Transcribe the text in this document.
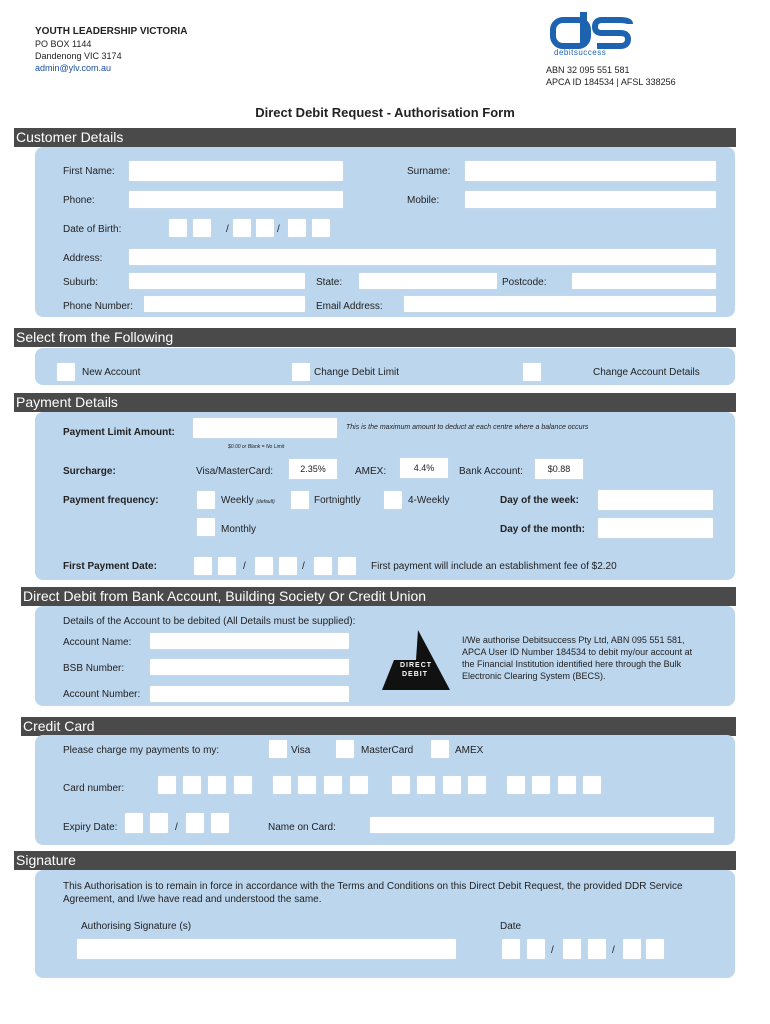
YOUTH LEADERSHIP VICTORIA
PO BOX 1144
Dandenong VIC 3174
admin@ylv.com.au
debitsuccess
ABN 32 095 551 581
APCA ID 184534 | AFSL 338256
Direct Debit Request - Authorisation Form
Customer Details
First Name:	Surname:
Phone:	Mobile:
Date of Birth:	/	/
Address:
Suburb:	State:	Postcode:
Phone Number:	Email Address:
Select from the Following
New Account	Change Debit Limit	Change Account Details
Payment Details
Payment Limit Amount:	This is the maximum amount to deduct at each centre where a balance occurs
$0.00 or Blank = No Limit
Surcharge:	Visa/MasterCard:	2.35%	AMEX:	4.4%	Bank Account:	$0.88
Payment frequency:	Weekly (default)	Fortnightly	4-Weekly	Day of the week:
Monthly	Day of the month:
First Payment Date:	/	/	First payment will include an establishment fee of $2.20
Direct Debit from Bank Account, Building Society Or Credit Union
Details of the Account to be debited (All Details must be supplied):
Account Name:
BSB Number:
Account Number:
DIRECT
DEBIT
I/We authorise Debitsuccess Pty Ltd, ABN 095 551 581,
APCA User ID Number 184534 to debit my/our account at
the Financial Institution identified here through the Bulk
Electronic Clearing System (BECS).
Credit Card
Please charge my payments to my:	Visa	MasterCard	AMEX
Card number:
Expiry Date:	/	Name on Card:
Signature
This Authorisation is to remain in force in accordance with the Terms and Conditions on this Direct Debit Request, the provided DDR Service
Agreement, and I/we have read and understood the same.
Authorising Signature (s)	Date
/	/
